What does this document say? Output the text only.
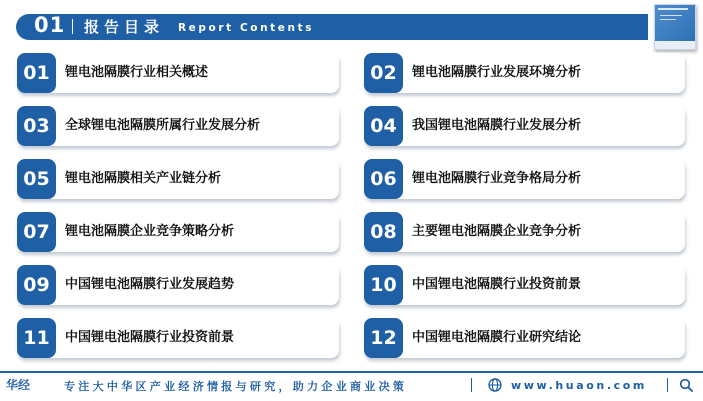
01 报告目录 Report Contents
01	锂电池隔膜行业相关概述	02	锂电池隔膜行业发展环境分析
03	全球锂电池隔膜所属行业发展分析	04	我国锂电池隔膜行业发展分析
05	锂电池隔膜相关产业链分析	06	锂电池隔膜行业竞争格局分析
07	锂电池隔膜企业竞争策略分析	08	主要锂电池隔膜企业竞争分析
09	中国锂电池隔膜行业发展趋势	10	中国锂电池隔膜行业投资前景
11	中国锂电池隔膜行业投资前景	12	中国锂电池隔膜行业研究结论
华经	专注大中华区产业经济情报与研究，助力企业商业决策	www.huaon.com
